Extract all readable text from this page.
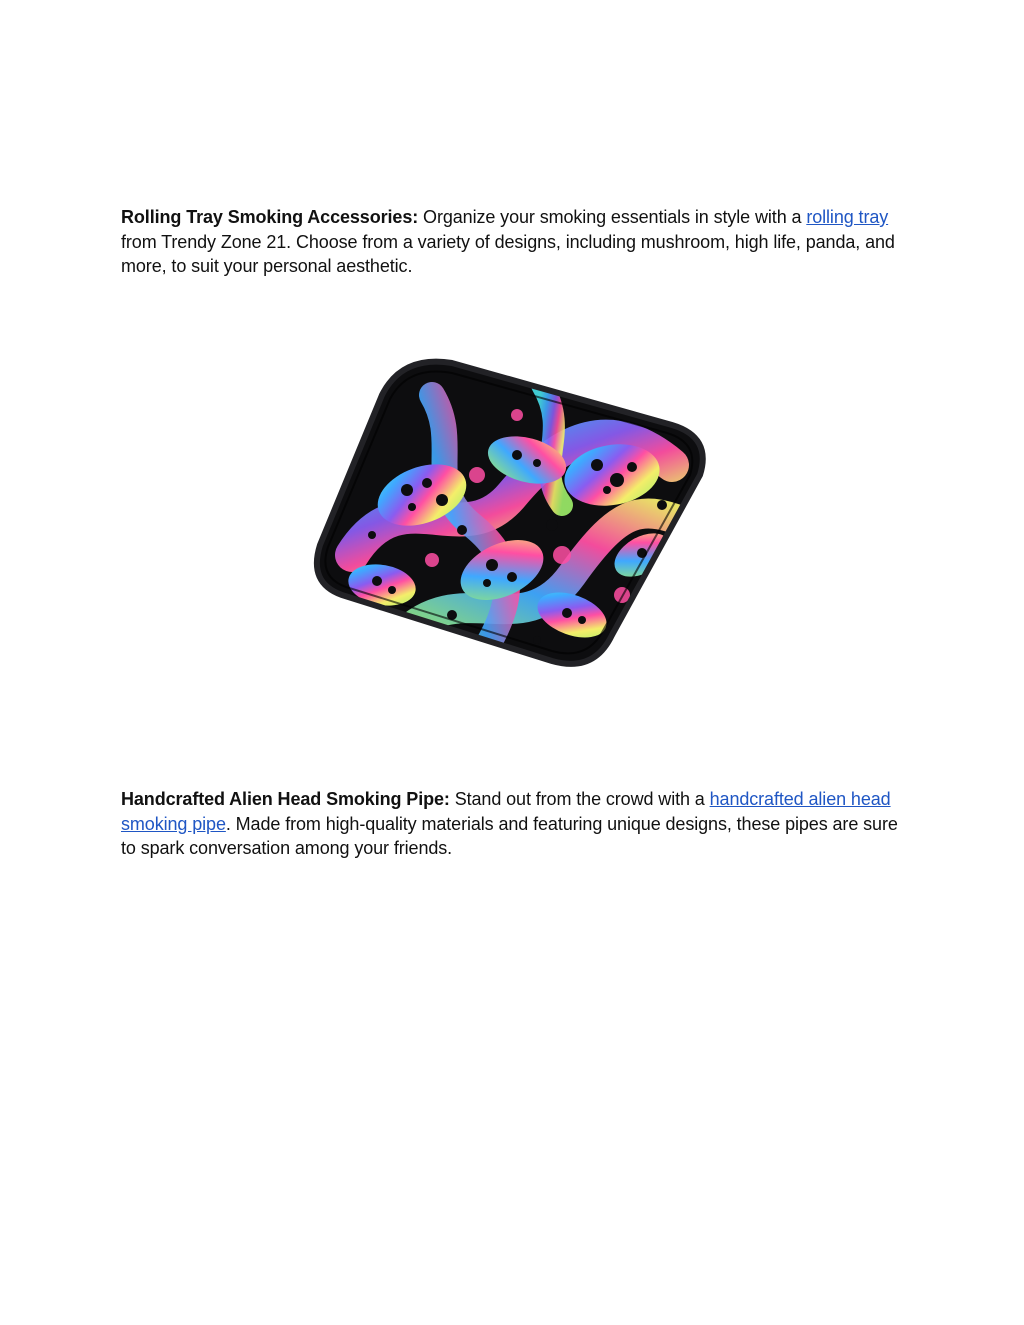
Rolling Tray Smoking Accessories: Organize your smoking essentials in style with a rolling tray from Trendy Zone 21. Choose from a variety of designs, including mushroom, high life, panda, and more, to suit your personal aesthetic.

Handcrafted Alien Head Smoking Pipe: Stand out from the crowd with a handcrafted alien head smoking pipe. Made from high-quality materials and featuring unique designs, these pipes are sure to spark conversation among your friends.
